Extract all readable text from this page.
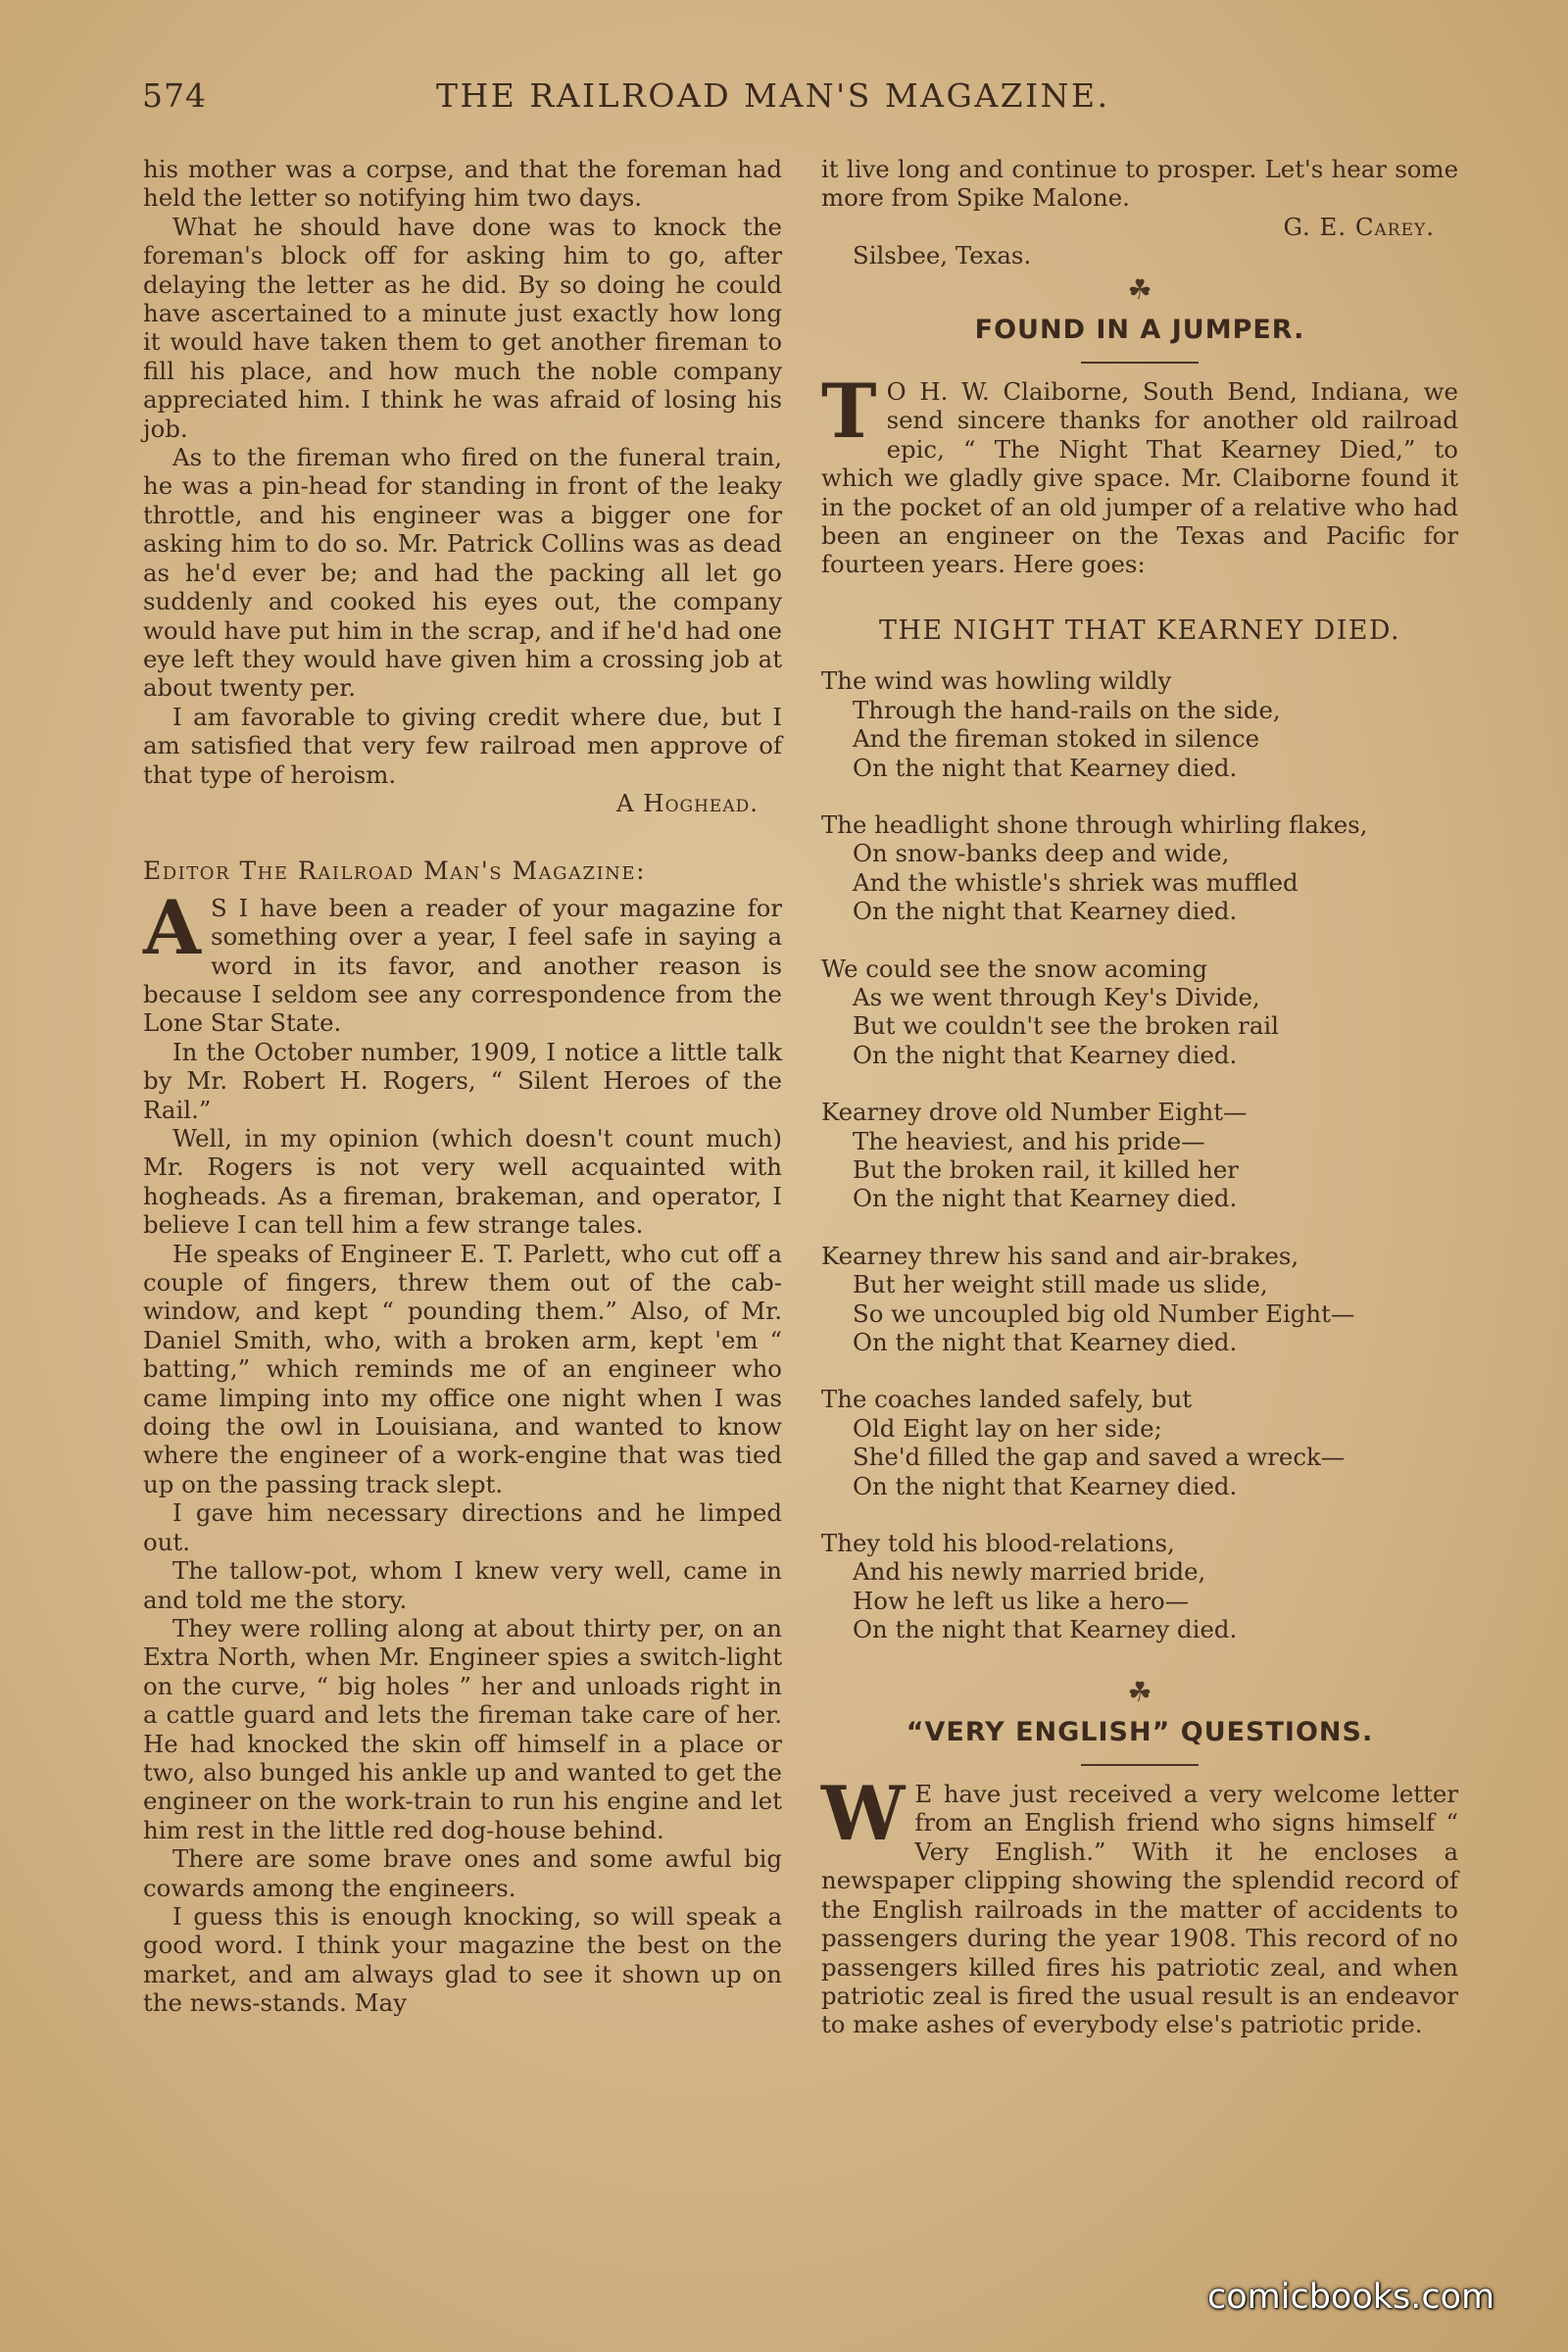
574	THE RAILROAD MAN'S MAGAZINE.

his mother was a corpse, and that the foreman had held the letter so notifying him two days.

What he should have done was to knock the foreman's block off for asking him to go, after delaying the letter as he did. By so doing he could have ascertained to a minute just exactly how long it would have taken them to get another fireman to fill his place, and how much the noble company appreciated him. I think he was afraid of losing his job.

As to the fireman who fired on the funeral train, he was a pin-head for standing in front of the leaky throttle, and his engineer was a bigger one for asking him to do so. Mr. Patrick Collins was as dead as he'd ever be; and had the packing all let go suddenly and cooked his eyes out, the company would have put him in the scrap, and if he'd had one eye left they would have given him a crossing job at about twenty per.

I am favorable to giving credit where due, but I am satisfied that very few railroad men approve of that type of heroism.

A Hoghead.
Editor The Railroad Man's Magazine:

A S I have been a reader of your magazine for something over a year, I feel safe in saying a word in its favor, and another reason is because I seldom see any correspondence from the Lone Star State.

In the October number, 1909, I notice a little talk by Mr. Robert H. Rogers, “ Silent Heroes of the Rail.”

Well, in my opinion (which doesn't count much) Mr. Rogers is not very well acquainted with hogheads. As a fireman, brakeman, and operator, I believe I can tell him a few strange tales.

He speaks of Engineer E. T. Parlett, who cut off a couple of fingers, threw them out of the cab-window, and kept “ pounding them.” Also, of Mr. Daniel Smith, who, with a broken arm, kept 'em “ batting,” which reminds me of an engineer who came limping into my office one night when I was doing the owl in Louisiana, and wanted to know where the engineer of a work-engine that was tied up on the passing track slept.

I gave him necessary directions and he limped out.

The tallow-pot, whom I knew very well, came in and told me the story.

They were rolling along at about thirty per, on an Extra North, when Mr. Engineer spies a switch-light on the curve, “ big holes ” her and unloads right in a cattle guard and lets the fireman take care of her. He had knocked the skin off himself in a place or two, also bunged his ankle up and wanted to get the engineer on the work-train to run his engine and let him rest in the little red dog-house behind.

There are some brave ones and some awful big cowards among the engineers.

I guess this is enough knocking, so will speak a good word. I think your magazine the best on the market, and am always glad to see it shown up on the news-stands. May

it live long and continue to prosper. Let's hear some more from Spike Malone.

G. E. Carey.
Silsbee, Texas.
☘
FOUND IN A JUMPER.

T O H. W. Claiborne, South Bend, Indiana, we send sincere thanks for another old railroad epic, “ The Night That Kearney Died,” to which we gladly give space. Mr. Claiborne found it in the pocket of an old jumper of a relative who had been an engineer on the Texas and Pacific for fourteen years. Here goes:

THE NIGHT THAT KEARNEY DIED.
The wind was howling wildly
Through the hand-rails on the side,
And the fireman stoked in silence
On the night that Kearney died.
The headlight shone through whirling flakes,
On snow-banks deep and wide,
And the whistle's shriek was muffled
On the night that Kearney died.
We could see the snow acoming
As we went through Key's Divide,
But we couldn't see the broken rail
On the night that Kearney died.
Kearney drove old Number Eight—
The heaviest, and his pride—
But the broken rail, it killed her
On the night that Kearney died.
Kearney threw his sand and air-brakes,
But her weight still made us slide,
So we uncoupled big old Number Eight—
On the night that Kearney died.
The coaches landed safely, but
Old Eight lay on her side;
She'd filled the gap and saved a wreck—
On the night that Kearney died.
They told his blood-relations,
And his newly married bride,
How he left us like a hero—
On the night that Kearney died.
☘
“VERY ENGLISH” QUESTIONS.

W E have just received a very welcome letter from an English friend who signs himself “ Very English.” With it he encloses a newspaper clipping showing the splendid record of the English railroads in the matter of accidents to passengers during the year 1908. This record of no passengers killed fires his patriotic zeal, and when patriotic zeal is fired the usual result is an endeavor to make ashes of everybody else's patriotic pride.

comicbooks.com
